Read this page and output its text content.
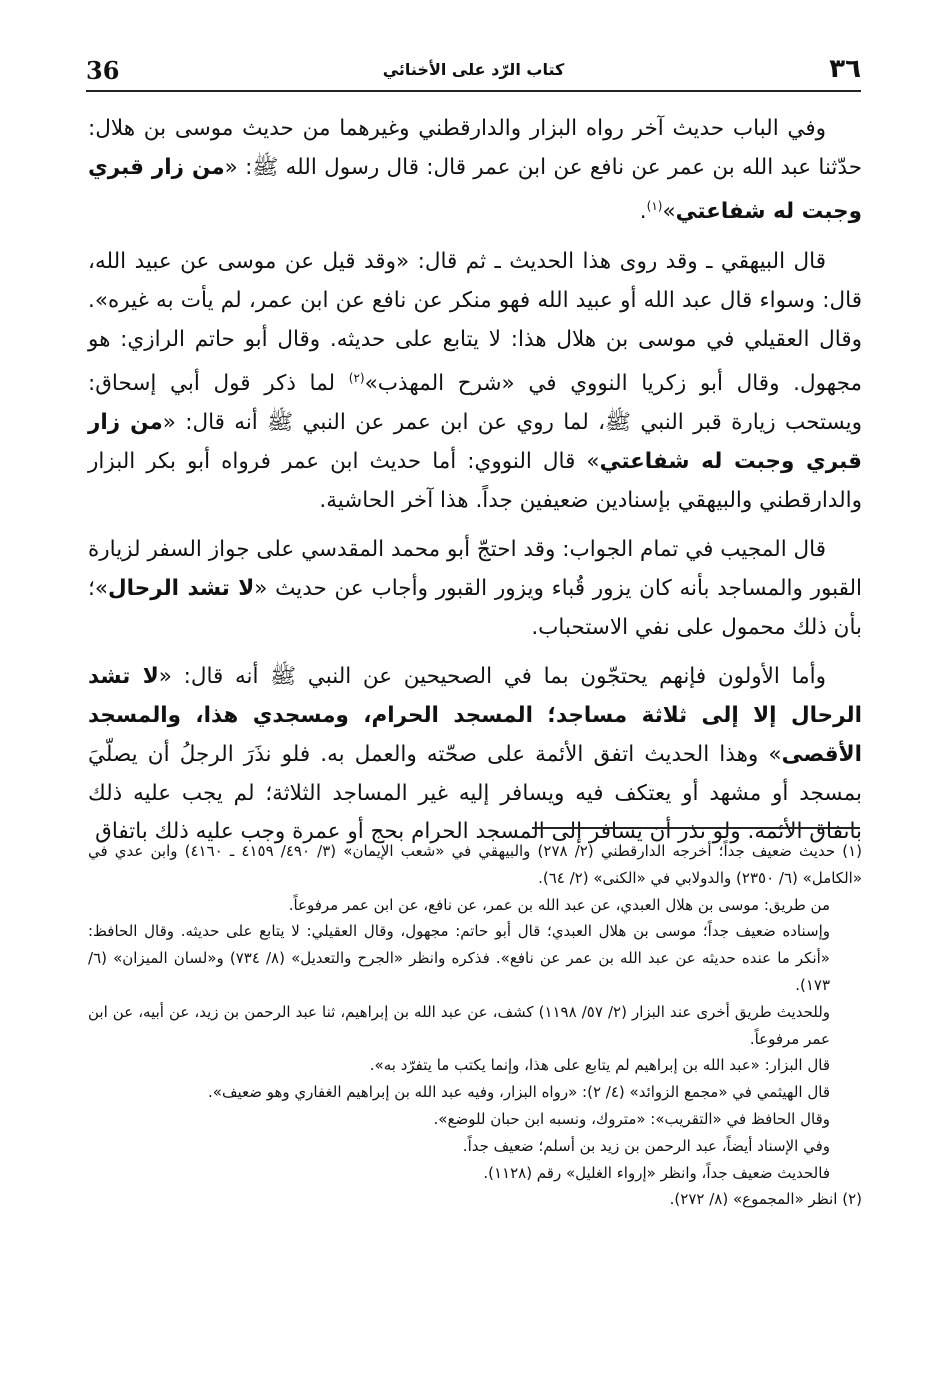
36	كتاب الرّد على الأخنائي	٣٦

وفي الباب حديث آخر رواه البزار والدارقطني وغيرهما من حديث موسى بن هلال: حدّثنا عبد الله بن عمر عن نافع عن ابن عمر قال: قال رسول الله ﷺ: «من زار قبري وجبت له شفاعتي»$^{(١)}$.

قال البيهقي ـ وقد روى هذا الحديث ـ ثم قال: «وقد قيل عن موسى عن عبيد الله، قال: وسواء قال عبد الله أو عبيد الله فهو منكر عن نافع عن ابن عمر، لم يأت به غيره». وقال العقيلي في موسى بن هلال هذا: لا يتابع على حديثه. وقال أبو حاتم الرازي: هو مجهول. وقال أبو زكريا النووي في «شرح المهذب»$^{(٢)}$ لما ذكر قول أبي إسحاق: ويستحب زيارة قبر النبي ﷺ، لما روي عن ابن عمر عن النبي ﷺ أنه قال: «من زار قبري وجبت له شفاعتي» قال النووي: أما حديث ابن عمر فرواه أبو بكر البزار والدارقطني والبيهقي بإسنادين ضعيفين جداً. هذا آخر الحاشية.

قال المجيب في تمام الجواب: وقد احتجّ أبو محمد المقدسي على جواز السفر لزيارة القبور والمساجد بأنه كان يزور قُباء ويزور القبور وأجاب عن حديث «لا تشد الرحال»؛ بأن ذلك محمول على نفي الاستحباب.

وأما الأولون فإنهم يحتجّون بما في الصحيحين عن النبي ﷺ أنه قال: «لا تشد الرحال إلا إلى ثلاثة مساجد؛ المسجد الحرام، ومسجدي هذا، والمسجد الأقصى» وهذا الحديث اتفق الأئمة على صحّته والعمل به. فلو نذَرَ الرجلُ أن يصلّيَ بمسجد أو مشهد أو يعتكف فيه ويسافر إليه غير المساجد الثلاثة؛ لم يجب عليه ذلك باتفاق الأئمة. ولو نذر أن يسافر إلى المسجد الحرام بحج أو عمرة وجب عليه ذلك باتفاق

(١) حديث ضعيف جداً؛ أخرجه الدارقطني (٢/ ٢٧٨) والبيهقي في «شعب الإيمان» (٣/ ٤٩٠/ ٤١٥٩ ـ ٤١٦٠) وابن عدي في «الكامل» (٦/ ٢٣٥٠) والدولابي في «الكنى» (٢/ ٦٤).

من طريق: موسى بن هلال العبدي، عن عبد الله بن عمر، عن نافع، عن ابن عمر مرفوعاً.

وإسناده ضعيف جداً؛ موسى بن هلال العبدي؛ قال أبو حاتم: مجهول، وقال العقيلي: لا يتابع على حديثه. وقال الحافظ: «أنكر ما عنده حديثه عن عبد الله بن عمر عن نافع». فذكره وانظر «الجرح والتعديل» (٨/ ٧٣٤) و«لسان الميزان» (٦/ ١٧٣).

وللحديث طريق أخرى عند البزار (٢/ ٥٧/ ١١٩٨) كشف، عن عبد الله بن إبراهيم، ثنا عبد الرحمن بن زيد، عن أبيه، عن ابن عمر مرفوعاً.

قال البزار: «عبد الله بن إبراهيم لم يتابع على هذا، وإنما يكتب ما يتفرّد به».

قال الهيثمي في «مجمع الزوائد» (٤/ ٢): «رواه البزار، وفيه عبد الله بن إبراهيم الغفاري وهو ضعيف».

وقال الحافظ في «التقريب»: «متروك، ونسبه ابن حبان للوضع».

وفي الإسناد أيضاً، عبد الرحمن بن زيد بن أسلم؛ ضعيف جداً.

فالحديث ضعيف جداً، وانظر «إرواء الغليل» رقم (١١٢٨).

(٢) انظر «المجموع» (٨/ ٢٧٢).
